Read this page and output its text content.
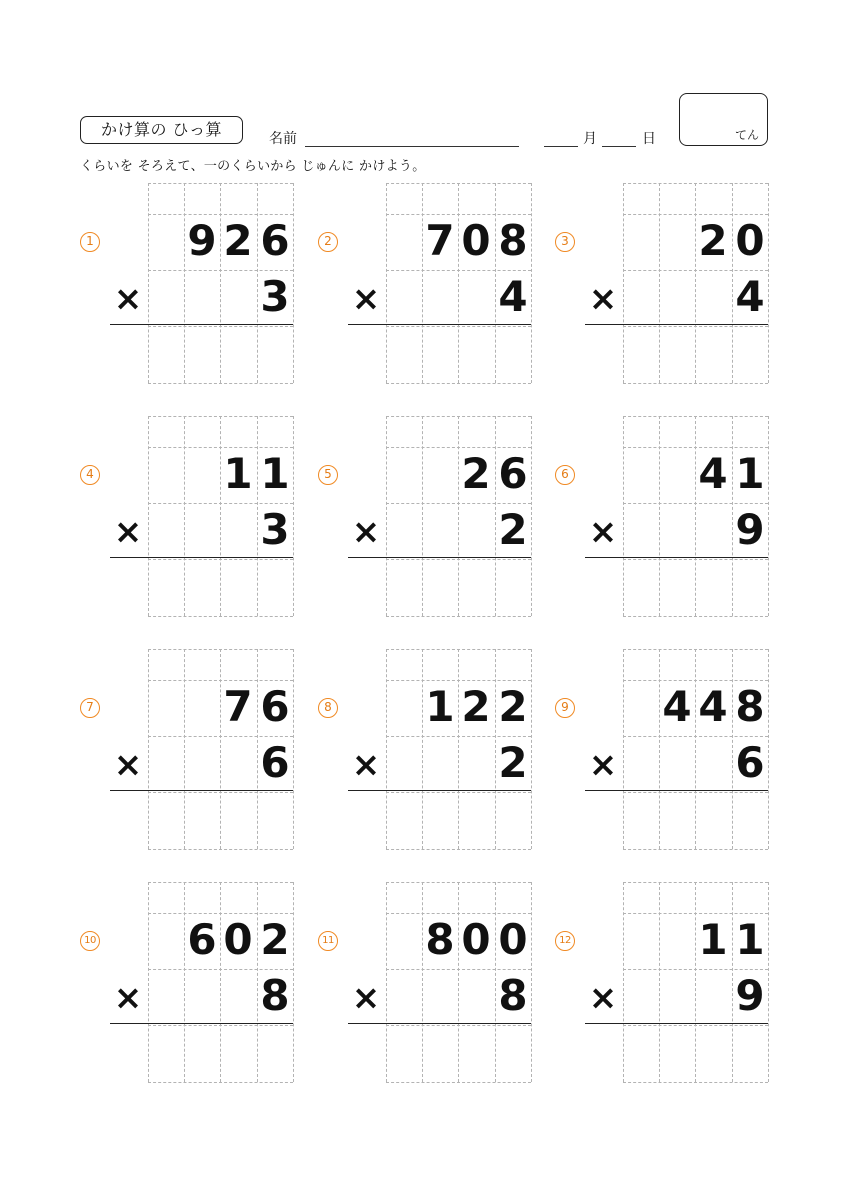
かけ算の ひっ算	名前	月	日	てん
くらいを そろえて、一のくらいから じゅんに かけよう。
1 9 2 6
3
×
2 7 0 8
4
×
3	2 0
4
×
4	1 1
3
×
5	2 6
2
×
6	4 1
9
×
7	7 6
6
×
8 1 2 2
2
×
9 4 4 8
6
×
10 6 0 2
8
×
11 8 0 0
8
×
12	1 1
9
×
